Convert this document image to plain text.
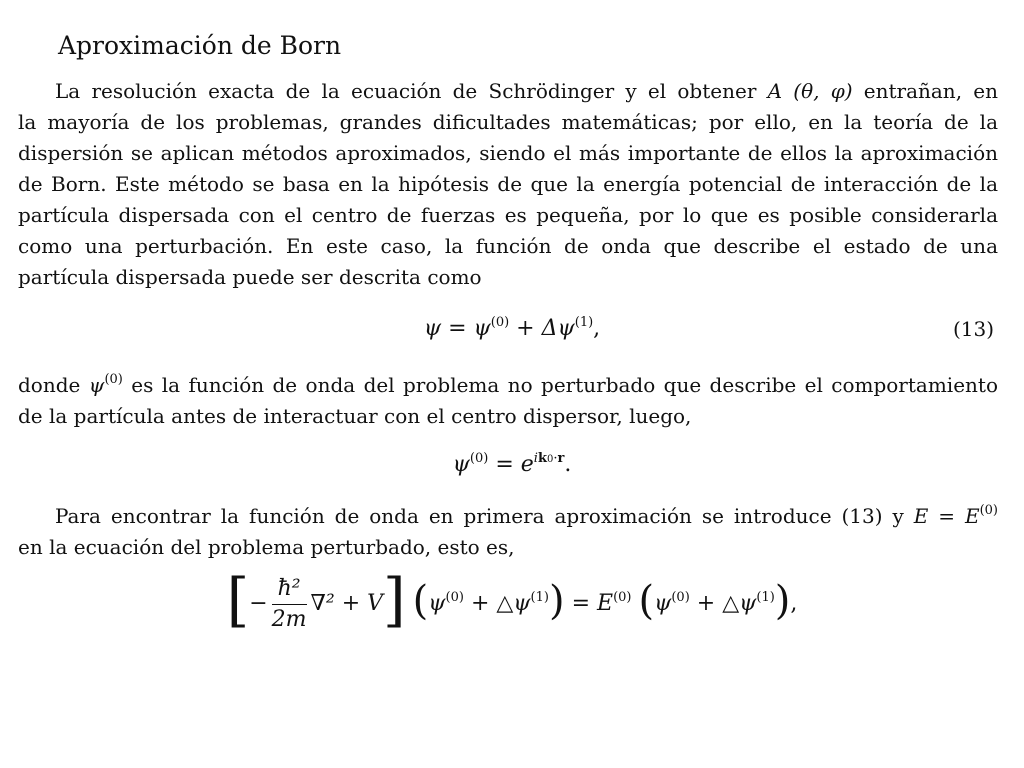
Aproximación de Born
La resolución exacta de la ecuación de Schrödinger y el obtener A (θ, φ) entrañan, en
la mayoría de los problemas, grandes dificultades matemáticas; por ello, en la teoría de la
dispersión se aplican métodos aproximados, siendo el más importante de ellos la aproximación
de Born. Este método se basa en la hipótesis de que la energía potencial de interacción de la
partícula dispersada con el centro de fuerzas es pequeña, por lo que es posible considerarla
como una perturbación. En este caso, la función de onda que describe el estado de una
partícula dispersada puede ser descrita como
$\psi = \psi^{(0)} + \Delta\psi^{(1)}$,	(13)
donde $\psi^{(0)}$ es la función de onda del problema no perturbado que describe el comportamiento
de la partícula antes de interactuar con el centro dispersor, luego,
$\psi^{(0)} = e^{ik0\cdot r}$.
Para encontrar la función de onda en primera aproximación se introduce (13) y $E = E^{(0)}$
en la ecuación del problema perturbado, esto es,
[− $\frac{\text{ħ²}}{2m} \nabla^2 + V$] ($\psi^{(0)}$ + $\triangle\psi^{(1)}) = E^{(0)}$ ($\psi^{(0)}$ + $\triangle\psi^{(1)}$),
